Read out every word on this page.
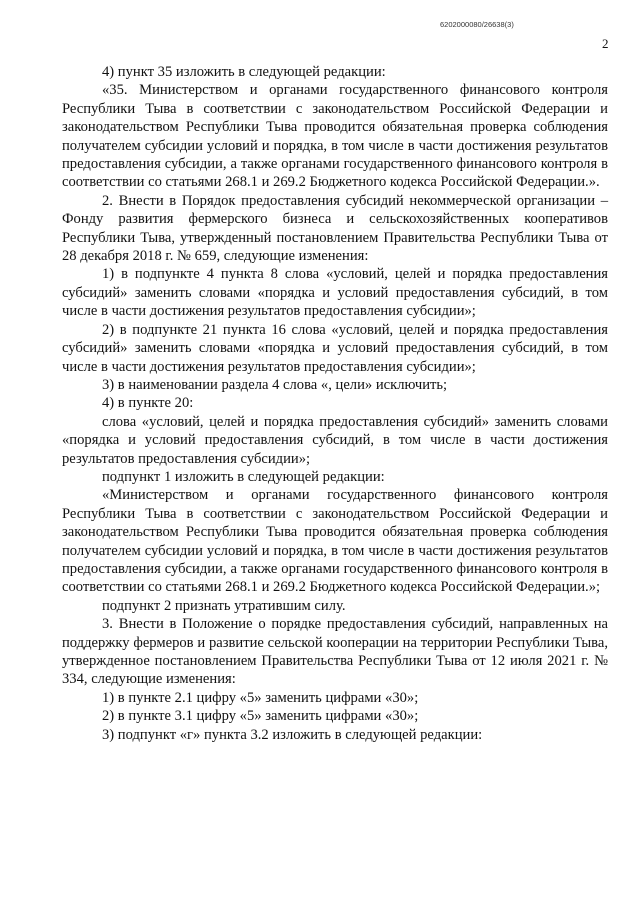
6202000080/26638(3)
2

4) пункт 35 изложить в следующей редакции:

«35. Министерством и органами государственного финансового контроля Республики Тыва в соответствии с законодательством Российской Федерации и законодательством Республики Тыва проводится обязательная проверка соблюдения получателем субсидии условий и порядка, в том числе в части достижения результатов предоставления субсидии, а также органами государственного финансового контроля в соответствии со статьями 268.1 и 269.2 Бюджетного кодекса Российской Федерации.».

2. Внести в Порядок предоставления субсидий некоммерческой организации – Фонду развития фермерского бизнеса и сельскохозяйственных кооперативов Республики Тыва, утвержденный постановлением Правительства Республики Тыва от 28 декабря 2018 г. № 659, следующие изменения:

1) в подпункте 4 пункта 8 слова «условий, целей и порядка предоставления субсидий» заменить словами «порядка и условий предоставления субсидий, в том числе в части достижения результатов предоставления субсидии»;

2) в подпункте 21 пункта 16 слова «условий, целей и порядка предоставления субсидий» заменить словами «порядка и условий предоставления субсидий, в том числе в части достижения результатов предоставления субсидии»;

3) в наименовании раздела 4 слова «, цели» исключить;

4) в пункте 20:

слова «условий, целей и порядка предоставления субсидий» заменить словами «порядка и условий предоставления субсидий, в том числе в части достижения результатов предоставления субсидии»;

подпункт 1 изложить в следующей редакции:

«Министерством и органами государственного финансового контроля Республики Тыва в соответствии с законодательством Российской Федерации и законодательством Республики Тыва проводится обязательная проверка соблюдения получателем субсидии условий и порядка, в том числе в части достижения результатов предоставления субсидии, а также органами государственного финансового контроля в соответствии со статьями 268.1 и 269.2 Бюджетного кодекса Российской Федерации.»;

подпункт 2 признать утратившим силу.

3. Внести в Положение о порядке предоставления субсидий, направленных на поддержку фермеров и развитие сельской кооперации на территории Республики Тыва, утвержденное постановлением Правительства Республики Тыва от 12 июля 2021 г. № 334, следующие изменения:

1) в пункте 2.1 цифру «5» заменить цифрами «30»;

2) в пункте 3.1 цифру «5» заменить цифрами «30»;

3) подпункт «г» пункта 3.2 изложить в следующей редакции:
